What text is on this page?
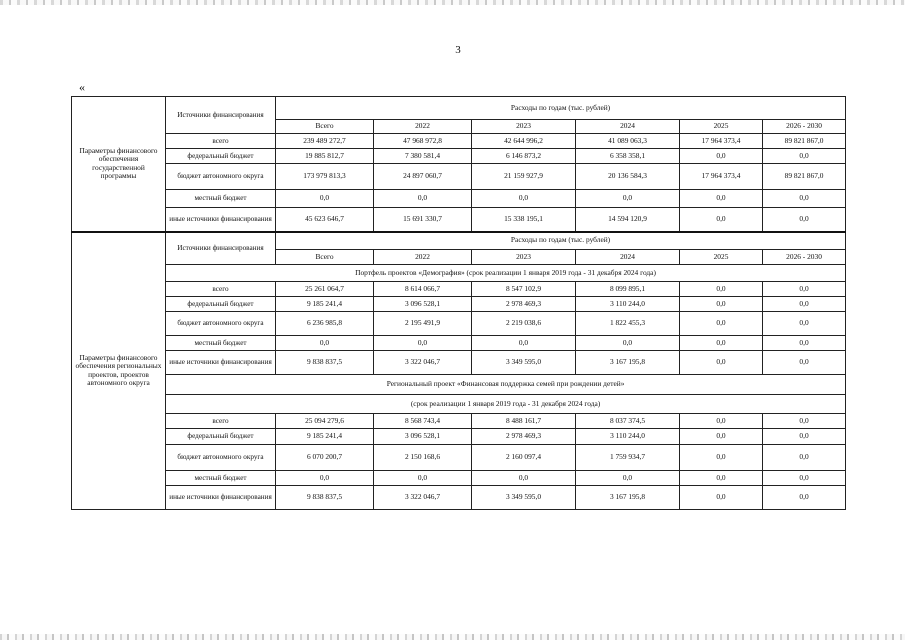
3
«
Параметры финансового обеспечения государственной программы	Источники финансирования	Расходы по годам (тыс. рублей)					
		Всего	2022	2023	2024	2025	2026 - 2030
	всего	239 489 272,7	47 968 972,8	42 644 996,2	41 089 063,3	17 964 373,4	89 821 867,0
	федеральный бюджет	19 885 812,7	7 380 581,4	6 146 873,2	6 358 358,1	0,0	0,0
	бюджет автономного округа	173 979 813,3	24 897 060,7	21 159 927,9	20 136 584,3	17 964 373,4	89 821 867,0
	местный бюджет	0,0	0,0	0,0	0,0	0,0	0,0
	иные источники финансирования	45 623 646,7	15 691 330,7	15 338 195,1	14 594 120,9	0,0	0,0
Параметры финансового обеспечения региональных проектов, проектов автономного округа	Источники финансирования	Расходы по годам (тыс. рублей)					
		Всего	2022	2023	2024	2025	2026 - 2030
	Портфель проектов «Демография» (срок реализации 1 января 2019 года - 31 декабря 2024 года)						
	всего	25 261 064,7	8 614 066,7	8 547 102,9	8 099 895,1	0,0	0,0
	федеральный бюджет	9 185 241,4	3 096 528,1	2 978 469,3	3 110 244,0	0,0	0,0
	бюджет автономного округа	6 236 985,8	2 195 491,9	2 219 038,6	1 822 455,3	0,0	0,0
	местный бюджет	0,0	0,0	0,0	0,0	0,0	0,0
	иные источники финансирования	9 838 837,5	3 322 046,7	3 349 595,0	3 167 195,8	0,0	0,0
	Региональный проект «Финансовая поддержка семей при рождении детей»						
	(срок реализации 1 января 2019 года - 31 декабря 2024 года)						
	всего	25 094 279,6	8 568 743,4	8 488 161,7	8 037 374,5	0,0	0,0
	федеральный бюджет	9 185 241,4	3 096 528,1	2 978 469,3	3 110 244,0	0,0	0,0
	бюджет автономного округа	6 070 200,7	2 150 168,6	2 160 097,4	1 759 934,7	0,0	0,0
	местный бюджет	0,0	0,0	0,0	0,0	0,0	0,0
	иные источники финансирования	9 838 837,5	3 322 046,7	3 349 595,0	3 167 195,8	0,0	0,0
